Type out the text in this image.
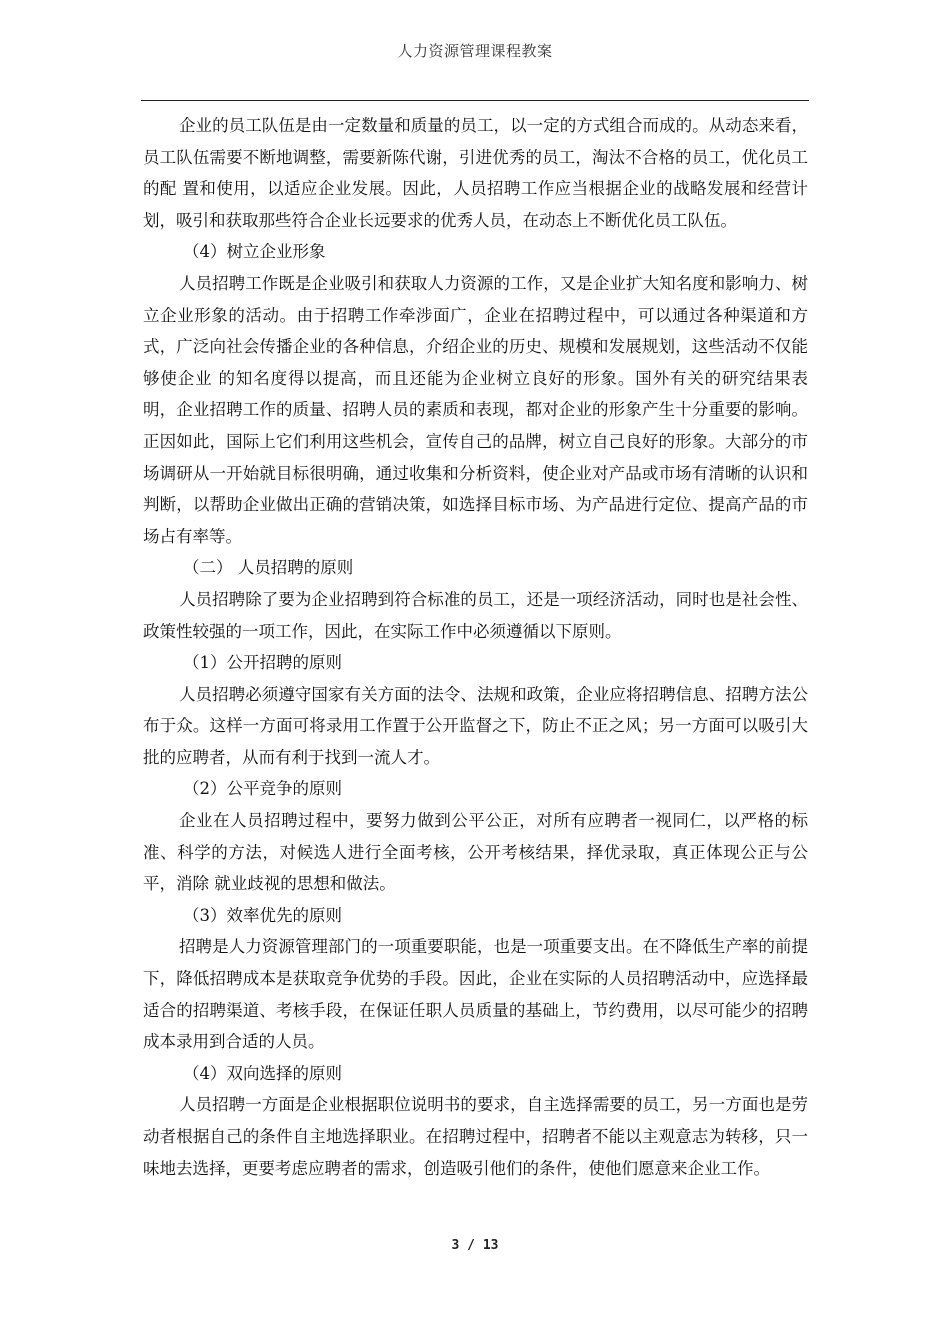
人力资源管理课程教案

企业的员工队伍是由一定数量和质量的员工，以一定的方式组合而成的。从动态来看，员工队伍需要不断地调整，需要新陈代谢，引进优秀的员工，淘汰不合格的员工，优化员工的配 置和使用，以适应企业发展。因此，人员招聘工作应当根据企业的战略发展和经营计划，吸引和获取那些符合企业长远要求的优秀人员，在动态上不断优化员工队伍。

（4）树立企业形象

人员招聘工作既是企业吸引和获取人力资源的工作，又是企业扩大知名度和影响力、树立企业形象的活动。由于招聘工作牵涉面广，企业在招聘过程中，可以通过各种渠道和方式，广泛向社会传播企业的各种信息，介绍企业的历史、规模和发展规划，这些活动不仅能够使企业 的知名度得以提高，而且还能为企业树立良好的形象。国外有关的研究结果表明，企业招聘工作的质量、招聘人员的素质和表现，都对企业的形象产生十分重要的影响。正因如此，国际上它们利用这些机会，宣传自己的品牌，树立自己良好的形象。大部分的市场调研从一开始就目标很明确，通过收集和分析资料，使企业对产品或市场有清晰的认识和判断，以帮助企业做出正确的营销决策，如选择目标市场、为产品进行定位、提高产品的市场占有率等。

（二） 人员招聘的原则

人员招聘除了要为企业招聘到符合标准的员工，还是一项经济活动，同时也是社会性、政策性较强的一项工作，因此，在实际工作中必须遵循以下原则。

（1）公开招聘的原则

人员招聘必须遵守国家有关方面的法令、法规和政策，企业应将招聘信息、招聘方法公布于众。这样一方面可将录用工作置于公开监督之下，防止不正之风；另一方面可以吸引大批的应聘者，从而有利于找到一流人才。

（2）公平竞争的原则

企业在人员招聘过程中，要努力做到公平公正，对所有应聘者一视同仁，以严格的标准、科学的方法，对候选人进行全面考核，公开考核结果，择优录取，真正体现公正与公平，消除 就业歧视的思想和做法。

（3）效率优先的原则

招聘是人力资源管理部门的一项重要职能，也是一项重要支出。在不降低生产率的前提下，降低招聘成本是获取竞争优势的手段。因此，企业在实际的人员招聘活动中，应选择最适合的招聘渠道、考核手段，在保证任职人员质量的基础上，节约费用，以尽可能少的招聘成本录用到合适的人员。

（4）双向选择的原则

人员招聘一方面是企业根据职位说明书的要求，自主选择需要的员工，另一方面也是劳动者根据自己的条件自主地选择职业。在招聘过程中，招聘者不能以主观意志为转移，只一味地去选择，更要考虑应聘者的需求，创造吸引他们的条件，使他们愿意来企业工作。

3 / 13
